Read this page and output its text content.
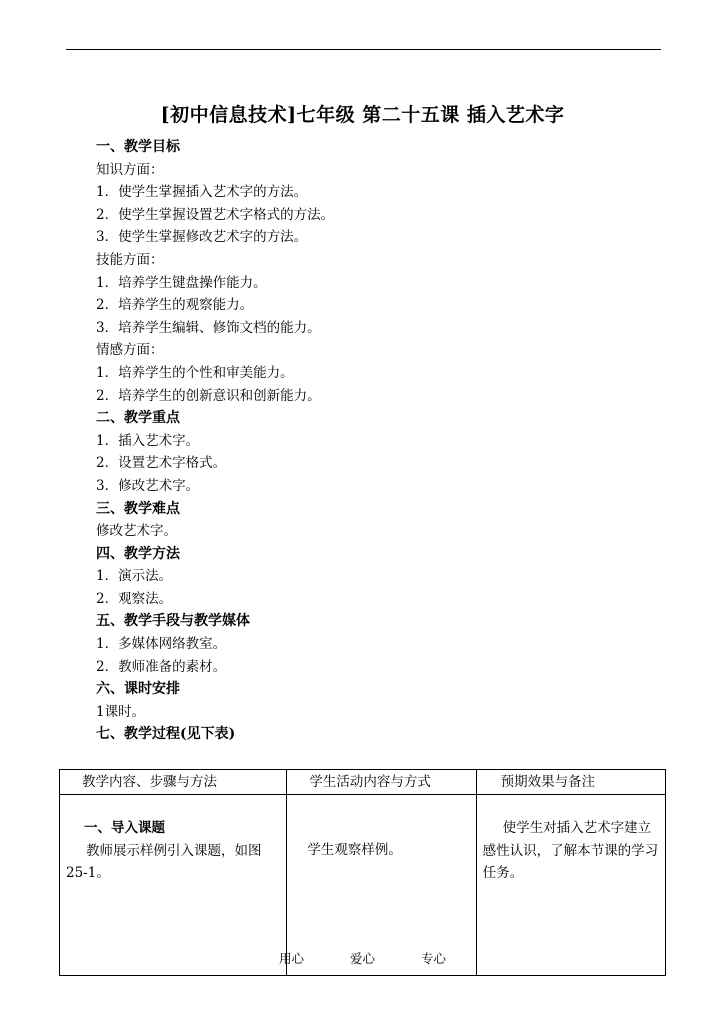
[初中信息技术]七年级 第二十五课 插入艺术字
一、教学目标
知识方面：
1．使学生掌握插入艺术字的方法。
2．使学生掌握设置艺术字格式的方法。
3．使学生掌握修改艺术字的方法。
技能方面：
1．培养学生键盘操作能力。
2．培养学生的观察能力。
3．培养学生编辑、修饰文档的能力。
情感方面：
1．培养学生的个性和审美能力。
2．培养学生的创新意识和创新能力。
二、教学重点
1．插入艺术字。
2．设置艺术字格式。
3．修改艺术字。
三、教学难点
修改艺术字。
四、教学方法
1．演示法。
2．观察法。
五、教学手段与教学媒体
1．多媒体网络教室。
2．教师准备的素材。
六、课时安排
1课时。
七、教学过程(见下表)
教学内容、步骤与方法	学生活动内容与方式	预期效果与备注

一、导入课题
教师展示样例引入课题，如图25-1。	学生观察样例。	使学生对插入艺术字建立感性认识，了解本节课的学习任务。
用心	爱心	专心
